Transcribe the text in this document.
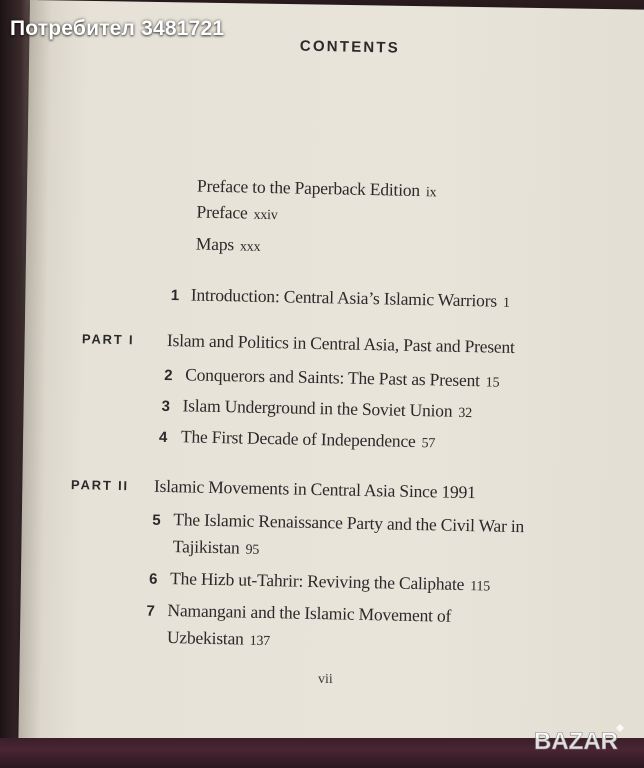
CONTENTS
Preface to the Paperback Edition ix
Preface xxiv
Maps xxx
1 Introduction: Central Asia’s Islamic Warriors 1
PART I Islam and Politics in Central Asia, Past and Present
2 Conquerors and Saints: The Past as Present 15
3 Islam Underground in the Soviet Union 32
4 The First Decade of Independence 57
PART II Islamic Movements in Central Asia Since 1991
5 The Islamic Renaissance Party and the Civil War in
Tajikistan 95
6 The Hizb ut-Tahrir: Reviving the Caliphate 115
7 Namangani and the Islamic Movement of
Uzbekistan 137
vii
Потребител 3481721
BAZAR
